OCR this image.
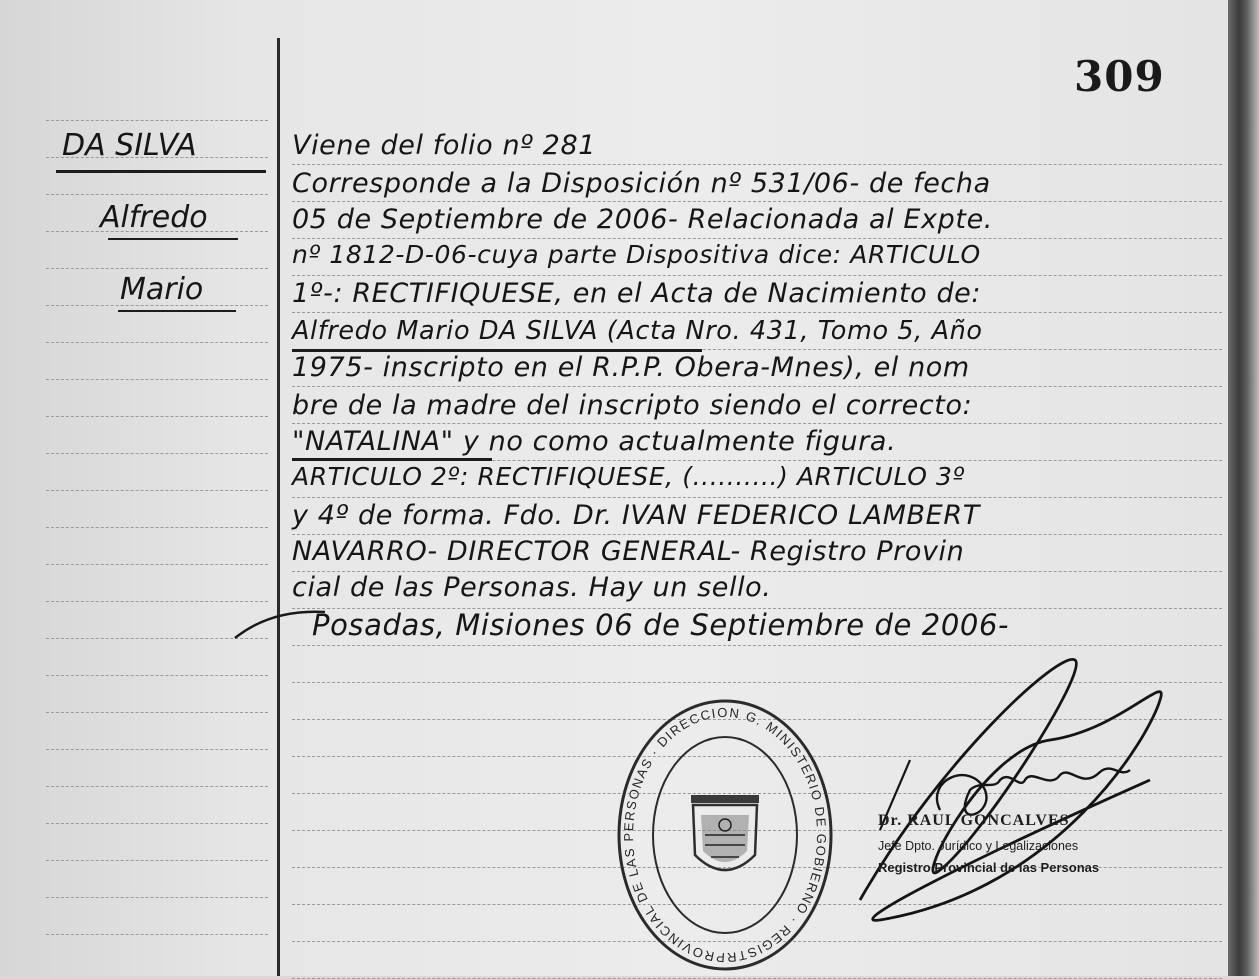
309
DA SILVA
Alfredo
Mario
Viene del folio nº 281
Corresponde a la Disposición nº 531/06- de fecha
05 de Septiembre de 2006- Relacionada al Expte.
nº 1812-D-06-cuya parte Dispositiva dice: ARTICULO
1º-: RECTIFIQUESE, en el Acta de Nacimiento de:
Alfredo Mario DA SILVA (Acta Nro. 431, Tomo 5, Año
1975- inscripto en el R.P.P. Obera-Mnes), el nom
bre de la madre del inscripto siendo el correcto:
"NATALINA" y no como actualmente figura.
ARTICULO 2º: RECTIFIQUESE, (..........) ARTICULO 3º
y 4º de forma. Fdo. Dr. IVAN FEDERICO LAMBERT
NAVARRO- DIRECTOR GENERAL- Registro Provin
cial de las Personas. Hay un sello.
Posadas, Misiones 06 de Septiembre de 2006-
PROVINCIAL DE LAS PERSONAS · DIRECCION G. MINISTERIO DE GOBIERNO · REGISTR
Dr. RAUL GONCALVES
Jefe Dpto. Jurídico y Legalizaciones
Registro Provincial de las Personas
